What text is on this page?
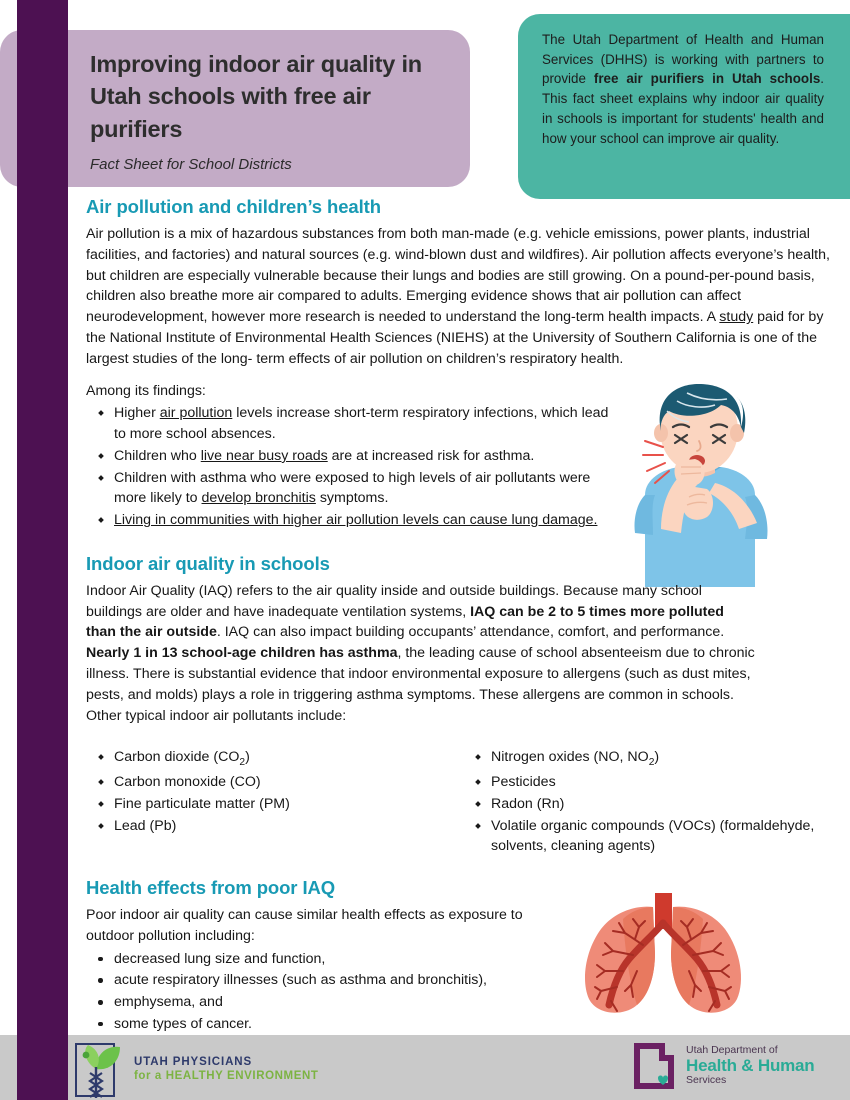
Improving indoor air quality in Utah schools with free air purifiers
Fact Sheet for School Districts

The Utah Department of Health and Human Services (DHHS) is working with partners to provide free air purifiers in Utah schools. This fact sheet explains why indoor air quality in schools is important for students' health and how your school can improve air quality.

Air pollution and children’s health

Air pollution is a mix of hazardous substances from both man-made (e.g. vehicle emissions, power plants, industrial facilities, and factories) and natural sources (e.g. wind-blown dust and wildfires). Air pollution affects everyone’s health, but children are especially vulnerable because their lungs and bodies are still growing. On a pound-per-pound basis, children also breathe more air compared to adults. Emerging evidence shows that air pollution can affect neurodevelopment, however more research is needed to understand the long-term health impacts. A study paid for by the National Institute of Environmental Health Sciences (NIEHS) at the University of Southern California is one of the largest studies of the long- term effects of air pollution on children’s respiratory health.

Among its findings:

Higher air pollution levels increase short-term respiratory infections, which lead to more school absences.
Children who live near busy roads are at increased risk for asthma.
Children with asthma who were exposed to high levels of air pollutants were more likely to develop bronchitis symptoms.
Living in communities with higher air pollution levels can cause lung damage.
Indoor air quality in schools

Indoor Air Quality (IAQ) refers to the air quality inside and outside buildings. Because many school buildings are older and have inadequate ventilation systems, IAQ can be 2 to 5 times more polluted than the air outside. IAQ can also impact building occupants’ attendance, comfort, and performance. Nearly 1 in 13 school-age children has asthma, the leading cause of school absenteeism due to chronic illness. There is substantial evidence that indoor environmental exposure to allergens (such as dust mites, pests, and molds) plays a role in triggering asthma symptoms. These allergens are common in schools. Other typical indoor air pollutants include:

Carbon dioxide $(CO_2)$
Carbon monoxide (CO)
Fine particulate matter (PM)
Lead (Pb)
Nitrogen oxides (NO, $NO_2$)
Pesticides
Radon (Rn)
Volatile organic compounds (VOCs) (formaldehyde, solvents, cleaning agents)
Health effects from poor IAQ

Poor indoor air quality can cause similar health effects as exposure to outdoor pollution including:

decreased lung size and function,
acute respiratory illnesses (such as asthma and bronchitis),
emphysema, and
some types of cancer.
UTAH PHYSICIANS
for a HEALTHY ENVIRONMENT
Utah Department of
Health & Human
Services
